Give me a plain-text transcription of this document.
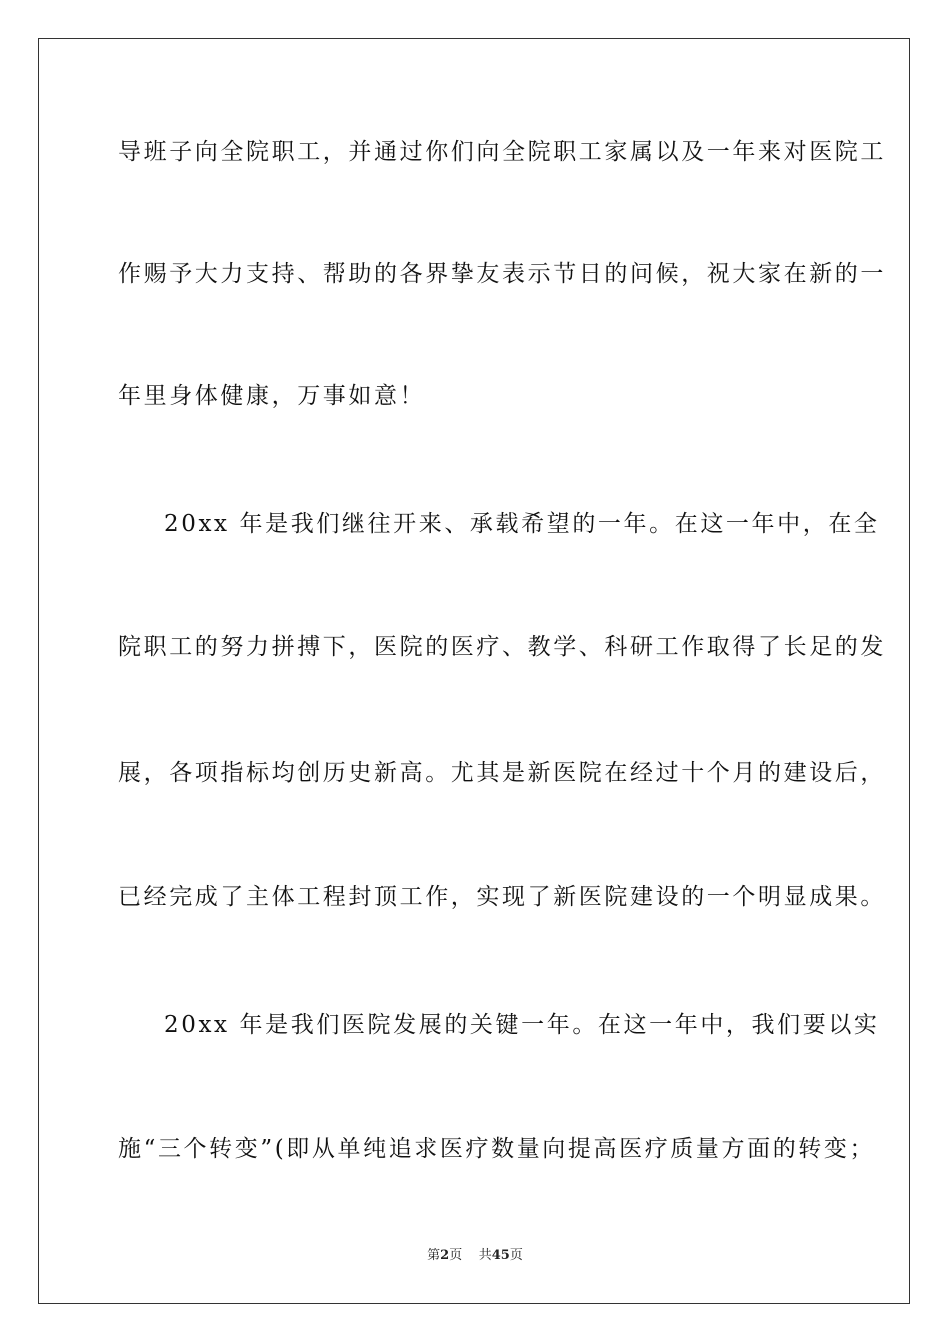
导班子向全院职工，并通过你们向全院职工家属以及一年来对医院工
作赐予大力支持、帮助的各界挚友表示节日的问候，祝大家在新的一
年里身体健康，万事如意！
20xx 年是我们继往开来、承载希望的一年。在这一年中，在全
院职工的努力拼搏下，医院的医疗、教学、科研工作取得了长足的发
展，各项指标均创历史新高。尤其是新医院在经过十个月的建设后，
已经完成了主体工程封顶工作，实现了新医院建设的一个明显成果。
20xx 年是我们医院发展的关键一年。在这一年中，我们要以实
施“三个转变”(即从单纯追求医疗数量向提高医疗质量方面的转变；
第2页 共45页
